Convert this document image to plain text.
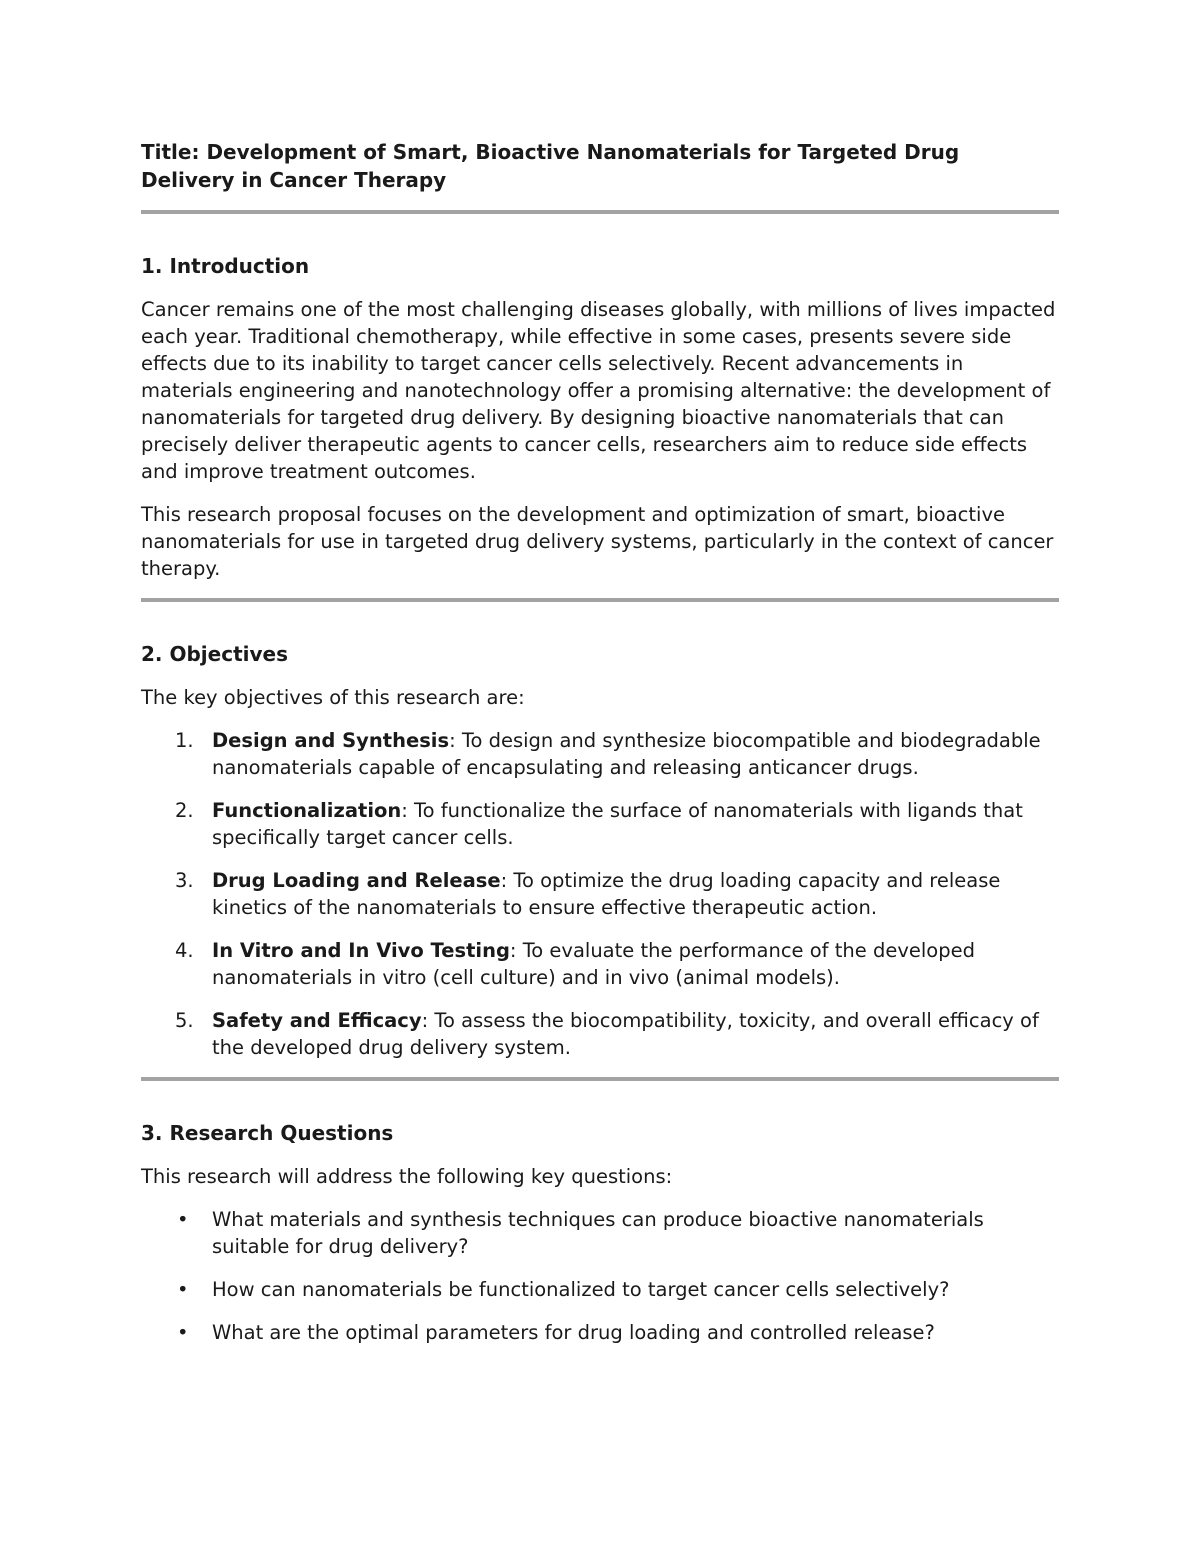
Title: Development of Smart, Bioactive Nanomaterials for Targeted Drug Delivery in Cancer Therapy
1. Introduction

Cancer remains one of the most challenging diseases globally, with millions of lives impacted each year. Traditional chemotherapy, while effective in some cases, presents severe side effects due to its inability to target cancer cells selectively. Recent advancements in materials engineering and nanotechnology offer a promising alternative: the development of nanomaterials for targeted drug delivery. By designing bioactive nanomaterials that can precisely deliver therapeutic agents to cancer cells, researchers aim to reduce side effects and improve treatment outcomes.

This research proposal focuses on the development and optimization of smart, bioactive nanomaterials for use in targeted drug delivery systems, particularly in the context of cancer therapy.

2. Objectives

The key objectives of this research are:

1. Design and Synthesis: To design and synthesize biocompatible and biodegradable nanomaterials capable of encapsulating and releasing anticancer drugs.
2. Functionalization: To functionalize the surface of nanomaterials with ligands that specifically target cancer cells.
3. Drug Loading and Release: To optimize the drug loading capacity and release kinetics of the nanomaterials to ensure effective therapeutic action.
4. In Vitro and In Vivo Testing: To evaluate the performance of the developed nanomaterials in vitro (cell culture) and in vivo (animal models).
5. Safety and Efficacy: To assess the biocompatibility, toxicity, and overall efficacy of the developed drug delivery system.
3. Research Questions

This research will address the following key questions:

• What materials and synthesis techniques can produce bioactive nanomaterials suitable for drug delivery?
• How can nanomaterials be functionalized to target cancer cells selectively?
• What are the optimal parameters for drug loading and controlled release?
